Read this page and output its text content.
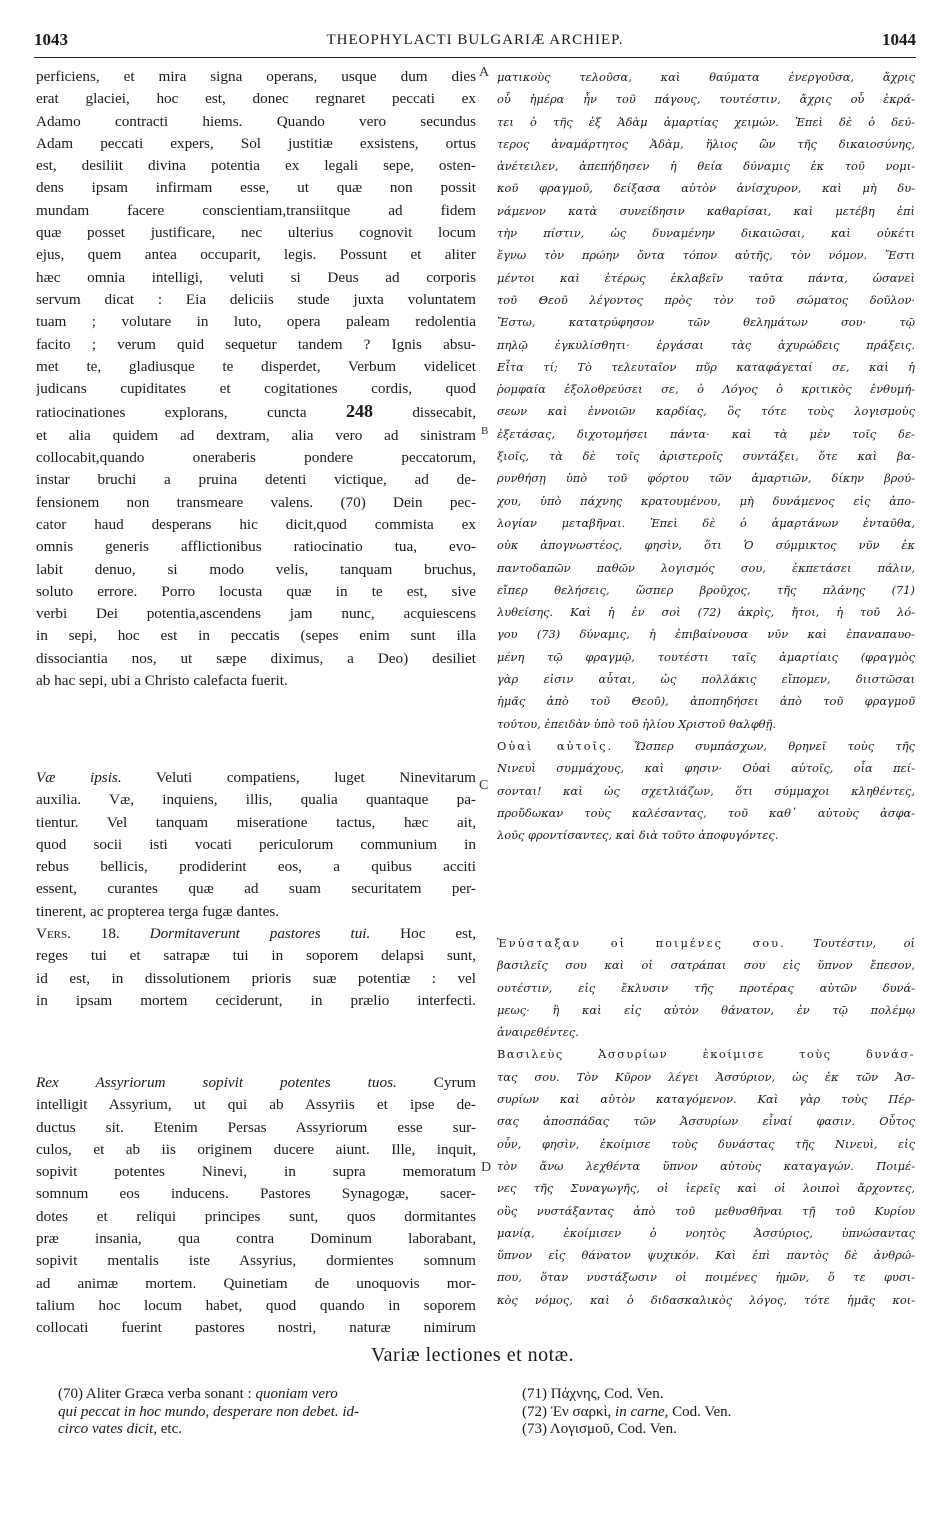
1043	THEOPHYLACTI BULGARIÆ ARCHIEP.	1044
A
B
C
D
perficiens, et mira signa operans, usque dum dies
erat glaciei, hoc est, donec regnaret peccati ex
Adamo contracti hiems. Quando vero secundus
Adam peccati expers, Sol justitiæ exsistens, ortus
est, desiliit divina potentia ex legali sepe, osten-
dens ipsam infirmam esse, ut quæ non possit
mundam facere conscientiam,transiitque ad fidem
quæ posset justificare, nec ulterius cognovit locum
ejus, quem antea occuparit, legis. Possunt et aliter
hæc omnia intelligi, veluti si Deus ad corporis
servum dicat : Eia deliciis stude juxta voluntatem
tuam ; volutare in luto, opera paleam redolentia
facito ; verum quid sequetur tandem ? Ignis absu-
met te, gladiusque te disperdet, Verbum videlicet
judicans cupiditates et cogitationes cordis, quod
ratiocinationes explorans, cuncta 248	dissecabit,
et alia quidem ad dextram, alia vero ad sinistram
collocabit,quando oneraberis pondere peccatorum,
instar bruchi a pruina detenti victique, ad de-
fensionem non transmeare valens. (70) Dein pec-
cator haud desperans hic dicit,quod commista ex
omnis generis afflictionibus ratiocinatio tua, evo-
labit denuo, si modo velis, tanquam bruchus,
soluto errore. Porro locusta quæ in te est, sive
verbi Dei potentia,ascendens jam nunc, acquiescens
in sepi, hoc est in peccatis (sepes enim sunt illa
dissociantia nos, ut sæpe diximus, a Deo) desiliet
ab hac sepi, ubi a Christo calefacta fuerit.
Væ ipsis. Veluti compatiens, luget Ninevitarum
auxilia. Væ, inquiens, illis, qualia quantaque pa-
tientur. Vel tanquam miseratione tactus, hæc ait,
quod socii isti vocati periculorum communium in
rebus bellicis, prodiderint eos, a quibus acciti
essent, curantes quæ ad suam securitatem per-
tinerent, ac propterea terga fugæ dantes.
Vers. 18. Dormitaverunt pastores tui. Hoc est,
reges tui et satrapæ tui in soporem delapsi sunt,
id est, in dissolutionem prioris suæ potentiæ : vel
in ipsam mortem ceciderunt, in prælio interfecti.
Rex Assyriorum sopivit potentes tuos. Cyrum
intelligit Assyrium, ut qui ab Assyriis et ipse de-
ductus sit. Etenim Persas Assyriorum esse sur-
culos, et ab iis originem ducere aiunt. Ille, inquit,
sopivit potentes Ninevi, in supra memoratum
somnum eos inducens. Pastores Synagogæ, sacer-
dotes et reliqui principes sunt, quos dormitantes
præ insania, qua contra Dominum laborabant,
sopivit mentalis iste Assyrius, dormientes somnum
ad animæ mortem. Quinetiam de unoquovis mor-
talium hoc locum habet, quod quando in soporem
collocati fuerint pastores nostri, naturæ nimirum
ματικοὺς τελοῦσα, καὶ θαύματα ἐνεργοῦσα, ἄχρις
οὗ ἡμέρα ἦν τοῦ πάγους, τουτέστιν, ἄχρις οὗ ἐκρά-
τει ὁ τῆς ἐξ Ἀδὰμ ἁμαρτίας χειμών. Ἐπεὶ δὲ ὁ δεύ-
τερος ἀναμάρτητος Ἀδὰμ, ἥλιος ὢν τῆς δικαιοσύνης,
ἀνέτειλεν, ἀπεπήδησεν ἡ θεία δύναμις ἐκ τοῦ νομι-
κοῦ φραγμοῦ, δείξασα αὐτὸν ἀνίσχυρον, καὶ μὴ δυ-
νάμενον κατὰ συνείδησιν καθαρίσαι, καὶ μετέβη ἐπὶ
τὴν πίστιν, ὡς δυναμένην δικαιῶσαι, καὶ οὐκέτι
ἔγνω τὸν πρώην ὄντα τόπον αὐτῆς, τὸν νόμον. Ἔστι
μέντοι καὶ ἑτέρως ἐκλαβεῖν ταῦτα πάντα, ὡσανεὶ
τοῦ Θεοῦ λέγοντος πρὸς τὸν τοῦ σώματος δοῦλον·
Ἔστω, κατατρύφησον τῶν θελημάτων σου· τῷ
πηλῷ ἐγκυλίσθητι· ἐργάσαι τὰς ἀχυρώδεις πράξεις.
Εἶτα τί; Τὸ τελευταῖον πῦρ καταφάγεταί σε, καὶ ἡ
ῥομφαία ἐξολοθρεύσει σε, ὁ Λόγος ὁ κριτικὸς ἐνθυμή-
σεων καὶ ἐννοιῶν καρδίας, ὃς τότε τοὺς λογισμοὺς
ἐξετάσας, διχοτομήσει πάντα· καὶ τὰ μὲν τοῖς δε-
ξιοῖς, τὰ δὲ τοῖς ἀριστεροῖς συντάξει, ὅτε καὶ βα-
ρυνθήσῃ ὑπὸ τοῦ φόρτου τῶν ἁμαρτιῶν, δίκην βρού-
χου, ὑπὸ πάχνης κρατουμένου, μὴ δυνάμενος εἰς ἀπο-
λογίαν μεταβῆναι. Ἐπεὶ δὲ ὁ ἁμαρτάνων ἐνταῦθα,
οὐκ ἀπογνωστέος, φησὶν, ὅτι Ὁ σύμμικτος νῦν ἐκ
παντοδαπῶν παθῶν λογισμός σου, ἐκπετάσει πάλιν,
εἴπερ θελήσεις, ὥσπερ βροῦχος, τῆς πλάνης (71)
λυθείσης. Καὶ ἡ ἐν σοὶ (72) ἀκρὶς, ἤτοι, ἡ τοῦ λό-
γου (73) δύναμις, ἡ ἐπιβαίνουσα νῦν καὶ ἐπαναπαυο-
μένη τῷ φραγμῷ, τουτέστι ταῖς ἁμαρτίαις (φραγμὸς
γὰρ εἰσιν αὗται, ὡς πολλάκις εἴπομεν, διιστῶσαι
ἡμᾶς ἀπὸ τοῦ Θεοῦ), ἀποπηδήσει ἀπὸ τοῦ φραγμοῦ
τούτου, ἐπειδὰν ὑπὸ τοῦ ἡλίου Χριστοῦ θαλφθῇ.
Οὐαὶ αὐτοῖς. Ὥσπερ συμπάσχων, θρηνεῖ τοὺς τῆς
Νινευὶ συμμάχους, καὶ φησιν· Οὐαὶ αὐτοῖς, οἷα πεί-
σονται! καὶ ὡς σχετλιάζων, ὅτι σύμμαχοι κληθέντες,
προὔδωκαν τοὺς καλέσαντας, τοῦ καθ᾽ αὐτοὺς ἀσφα-
λοῦς φροντίσαντες, καὶ διὰ τοῦτο ἀποφυγόντες.
Ἐνύσταξαν οἱ ποιμένες σου. Τουτέστιν, οἱ
βασιλεῖς σου καὶ οἱ σατράπαι σου εἰς ὕπνον ἔπεσον,
ουτέστιν, εἰς ἔκλυσιν τῆς προτέρας αὐτῶν δυνά-
μεως· ἢ καὶ εἰς αὐτὸν θάνατον, ἐν τῷ πολέμῳ
ἀναιρεθέντες.
Βασιλεὺς Ἀσσυρίων ἐκοίμισε τοὺς δυνάσ-
τας σου. Τὸν Κῦρον λέγει Ἀσσύριον, ὡς ἐκ τῶν Ἀσ-
συρίων καὶ αὐτὸν καταγόμενον. Καὶ γὰρ τοὺς Πέρ-
σας ἀποσπάδας τῶν Ἀσσυρίων εἶναί φασιν. Οὗτος
οὖν, φησὶν, ἐκοίμισε τοὺς δυνάστας τῆς Νινευὶ, εἰς
τὸν ἄνω λεχθέντα ὕπνον αὐτοὺς καταγαγών. Ποιμέ-
νες τῆς Συναγωγῆς, οἱ ἱερεῖς καὶ οἱ λοιποὶ ἄρχοντες,
οὓς νυστάξαντας ἀπὸ τοῦ μεθυσθῆναι τῇ τοῦ Κυρίου
μανίᾳ, ἐκοίμισεν ὁ νοητὸς Ἀσσύριος, ὑπνώσαντας
ὕπνον εἰς θάνατον ψυχικόν. Καὶ ἐπὶ παντὸς δὲ ἀνθρώ-
που, ὅταν νυστάξωσιν οἱ ποιμένες ἡμῶν, ὅ τε φυσι-
κὸς νόμος, καὶ ὁ διδασκαλικὸς λόγος, τότε ἡμᾶς κοι-
Variæ lectiones et notæ.
(70) Aliter Græca verba sonant : quoniam vero
qui peccat in hoc mundo, desperare non debet. id-
circo vates dicit, etc.
(71) Πάχνης, Cod. Ven.
(72) Ἐν σαρκὶ, in carne, Cod. Ven.
(73) Λογισμοῦ, Cod. Ven.
